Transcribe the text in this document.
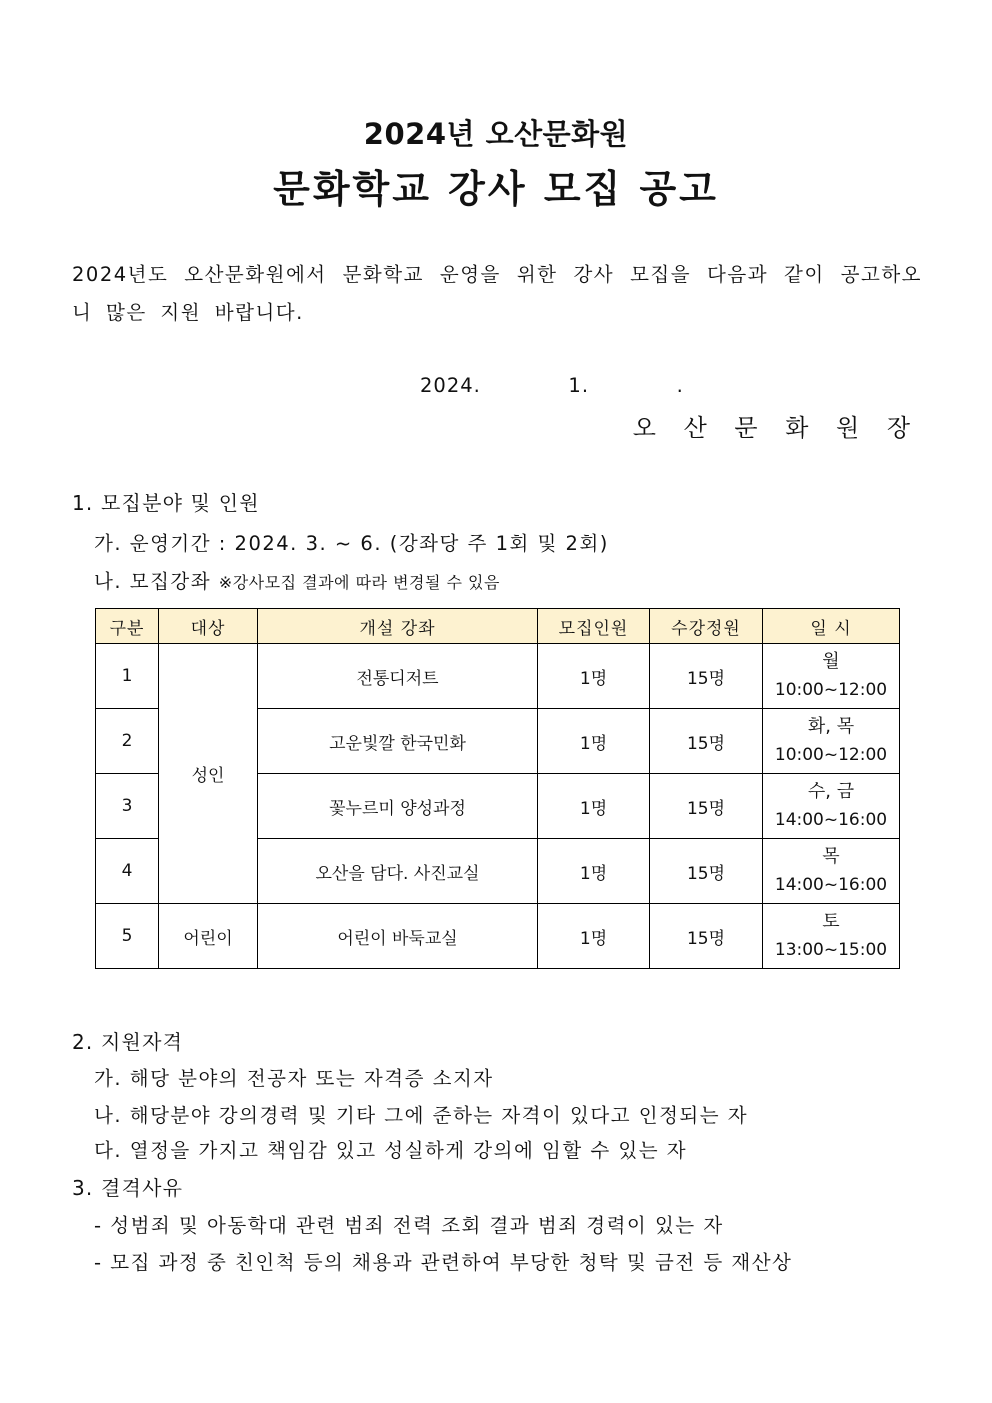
2024년 오산문화원
문화학교 강사 모집 공고
2024년도 오산문화원에서 문화학교 운영을 위한 강사 모집을 다음과 같이 공고하오니 많은 지원 바랍니다.
2024.   1.   .
오 산 문 화 원 장
1. 모집분야 및 인원
가. 운영기간 : 2024. 3. ~ 6. (강좌당 주 1회 및 2회)
나. 모집강좌 ※강사모집 결과에 따라 변경될 수 있음
구분	대상	개설 강좌	모집인원	수강정원	일 시
1	성인	전통디저트	1명	15명	월
10:00~12:00

2		고운빛깔 한국민화	1명	15명	화, 목
10:00~12:00

3		꽃누르미 양성과정	1명	15명	수, 금
14:00~16:00

4		오산을 담다. 사진교실	1명	15명	목
14:00~16:00

5	어린이	어린이 바둑교실	1명	15명	토
13:00~15:00
2. 지원자격
가. 해당 분야의 전공자 또는 자격증 소지자
나. 해당분야 강의경력 및 기타 그에 준하는 자격이 있다고 인정되는 자
다. 열정을 가지고 책임감 있고 성실하게 강의에 임할 수 있는 자
3. 결격사유
- 성범죄 및 아동학대 관련 범죄 전력 조회 결과 범죄 경력이 있는 자
- 모집 과정 중 친인척 등의 채용과 관련하여 부당한 청탁 및 금전 등 재산상
